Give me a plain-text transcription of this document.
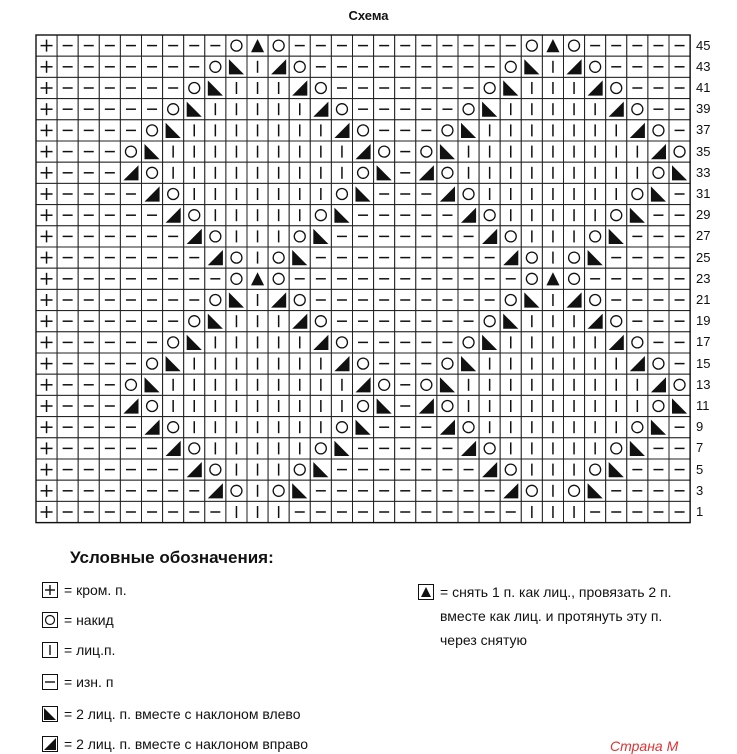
Схема
45
43
41
39
37
35
33
31
29
27
25
23
21
19
17
15
13
11
9
7
5
3
1
Условные обозначения:
= кром. п.
= накид
= лиц.п.
= изн. п
= 2 лиц. п. вместе с наклоном влево
= 2 лиц. п. вместе с наклоном вправо
= снять 1 п. как лиц., провязать 2 п.
вместе как лиц. и протянуть эту п.
через снятую
Страна М
